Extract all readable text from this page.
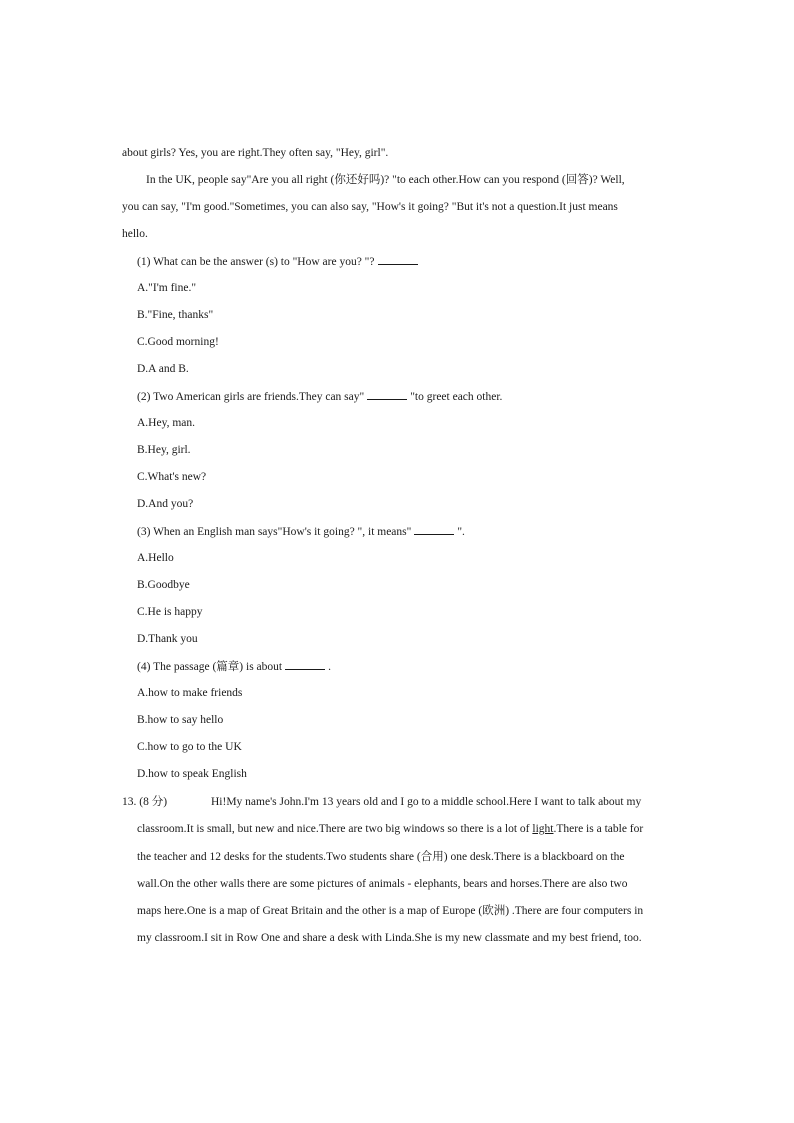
about girls? Yes, you are right.They often say, "Hey, girl".
In the UK, people say"Are you all right (你还好吗)? "to each other.How can you respond (回答)? Well,
you can say, "I'm good."Sometimes, you can also say, "How's it going? "But it's not a question.It just means
hello.
(1) What can be the answer (s) to "How are you? "?
A."I'm fine."
B."Fine, thanks"
C.Good morning!
D.A and B.
(2) Two American girls are friends.They can say"	"to greet each other.
A.Hey, man.
B.Hey, girl.
C.What's new?
D.And you?
(3) When an English man says"How's it going? ", it means"	".
A.Hello
B.Goodbye
C.He is happy
D.Thank you
(4) The passage (篇章) is about	.
A.how to make friends
B.how to say hello
C.how to go to the UK
D.how to speak English
13. (8 分)	Hi!My name's John.I'm 13 years old and I go to a middle school.Here I want to talk about my
classroom.It is small, but new and nice.There are two big windows so there is a lot of light.There is a table for
the teacher and 12 desks for the students.Two students share (合用) one desk.There is a blackboard on the
wall.On the other walls there are some pictures of animals - elephants, bears and horses.There are also two
maps here.One is a map of Great Britain and the other is a map of Europe (欧洲) .There are four computers in
my classroom.I sit in Row One and share a desk with Linda.She is my new classmate and my best friend, too.
